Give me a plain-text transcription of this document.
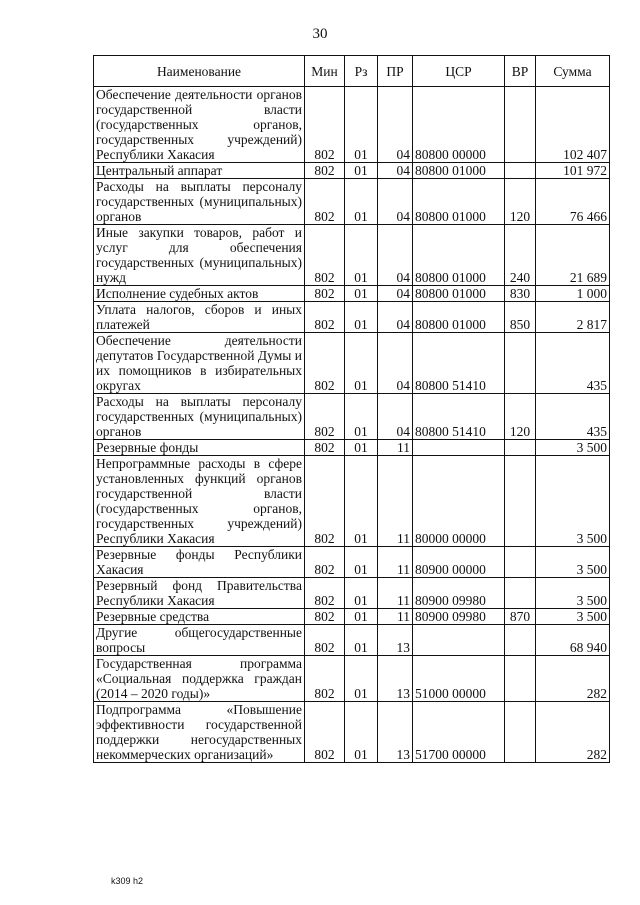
30
Наименование	Мин	Рз	ПР	ЦСР	ВР	Сумма
Обеспечение деятельности органов государственной власти (государственных органов, государственных учреждений) Республики Хакасия	802	01	04	80800 00000		102 407
Центральный аппарат	802	01	04	80800 01000		101 972
Расходы на выплаты персоналу государственных (муниципальных) органов	802	01	04	80800 01000	120	76 466
Иные закупки товаров, работ и услуг для обеспечения государственных (муниципальных) нужд	802	01	04	80800 01000	240	21 689
Исполнение судебных актов	802	01	04	80800 01000	830	1 000
Уплата налогов, сборов и иных платежей	802	01	04	80800 01000	850	2 817
Обеспечение деятельности депутатов Государственной Думы и их помощников в избирательных округах	802	01	04	80800 51410		435
Расходы на выплаты персоналу государственных (муниципальных) органов	802	01	04	80800 51410	120	435
Резервные фонды	802	01	11			3 500
Непрограммные расходы в сфере установленных функций органов государственной власти (государственных органов, государственных учреждений) Республики Хакасия	802	01	11	80000 00000		3 500
Резервные фонды Республики Хакасия	802	01	11	80900 00000		3 500
Резервный фонд Правительства Республики Хакасия	802	01	11	80900 09980		3 500
Резервные средства	802	01	11	80900 09980	870	3 500
Другие общегосударственные вопросы	802	01	13			68 940
Государственная программа «Социальная поддержка граждан (2014 – 2020 годы)»	802	01	13	51000 00000		282
Подпрограмма «Повышение эффективности государственной поддержки негосударственных некоммерческих организаций»	802	01	13	51700 00000		282
k309 h2
